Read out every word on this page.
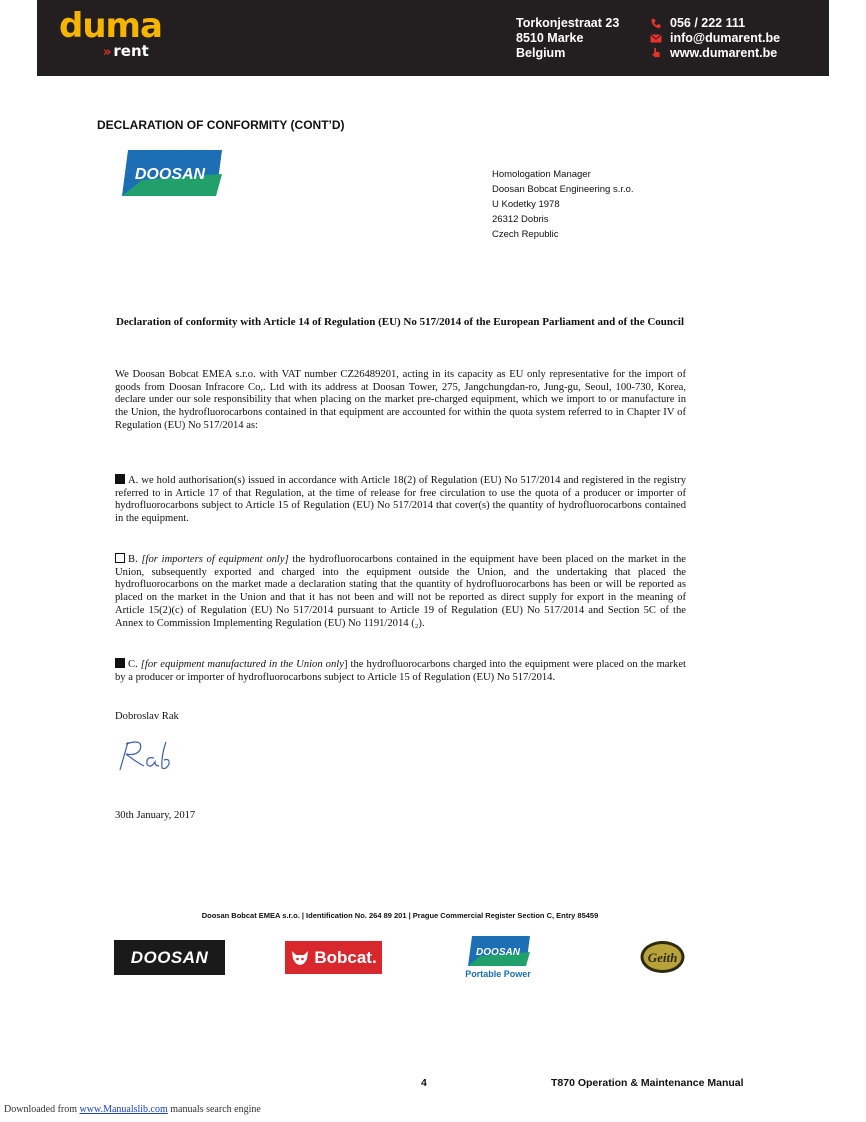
duma
» rent
Torkonjestraat 23
8510 Marke
Belgium
056 / 222 111
info@dumarent.be
www.dumarent.be
DECLARATION OF CONFORMITY (CONT’D)
DOOSAN	Homologation Manager
Doosan Bobcat Engineering s.r.o.
U Kodetky 1978
26312 Dobris
Czech Republic
Declaration of conformity with Article 14 of Regulation (EU) No 517/2014 of the European Parliament and of the Council
We Doosan Bobcat EMEA s.r.o. with VAT number CZ26489201, acting in its capacity as EU only representative for the import of goods from Doosan Infracore Co,. Ltd with its address at Doosan Tower, 275, Jangchungdan-ro, Jung-gu, Seoul, 100-730, Korea, declare under our sole responsibility that when placing on the market pre-charged equipment, which we import to or manufacture in the Union, the hydrofluorocarbons contained in that equipment are accounted for within the quota system referred to in Chapter IV of Regulation (EU) No 517/2014 as:
A. we hold authorisation(s) issued in accordance with Article 18(2) of Regulation (EU) No 517/2014 and registered in the registry referred to in Article 17 of that Regulation, at the time of release for free circulation to use the quota of a producer or importer of hydrofluorocarbons subject to Article 15 of Regulation (EU) No 517/2014 that cover(s) the quantity of hydrofluorocarbons contained in the equipment.
B. [for importers of equipment only] the hydrofluorocarbons contained in the equipment have been placed on the market in the Union, subsequently exported and charged into the equipment outside the Union, and the undertaking that placed the hydrofluorocarbons on the market made a declaration stating that the quantity of hydrofluorocarbons has been or will be reported as placed on the market in the Union and that it has not been and will not be reported as direct supply for export in the meaning of Article 15(2)(c) of Regulation (EU) No 517/2014 pursuant to Article 19 of Regulation (EU) No 517/2014 and Section 5C of the Annex to Commission Implementing Regulation (EU) No 1191/2014 (₂).
C. [for equipment manufactured in the Union only] the hydrofluorocarbons charged into the equipment were placed on the market by a producer or importer of hydrofluorocarbons subject to Article 15 of Regulation (EU) No 517/2014.
Dobroslav Rak
30th January, 2017
Doosan Bobcat EMEA s.r.o. | Identification No. 264 89 201 | Prague Commercial Register Section C, Entry 85459
DOOSAN	Bobcat.	DOOSAN
Portable Power
Geith
4	T870 Operation & Maintenance Manual
Downloaded from www.Manualslib.com manuals search engine
